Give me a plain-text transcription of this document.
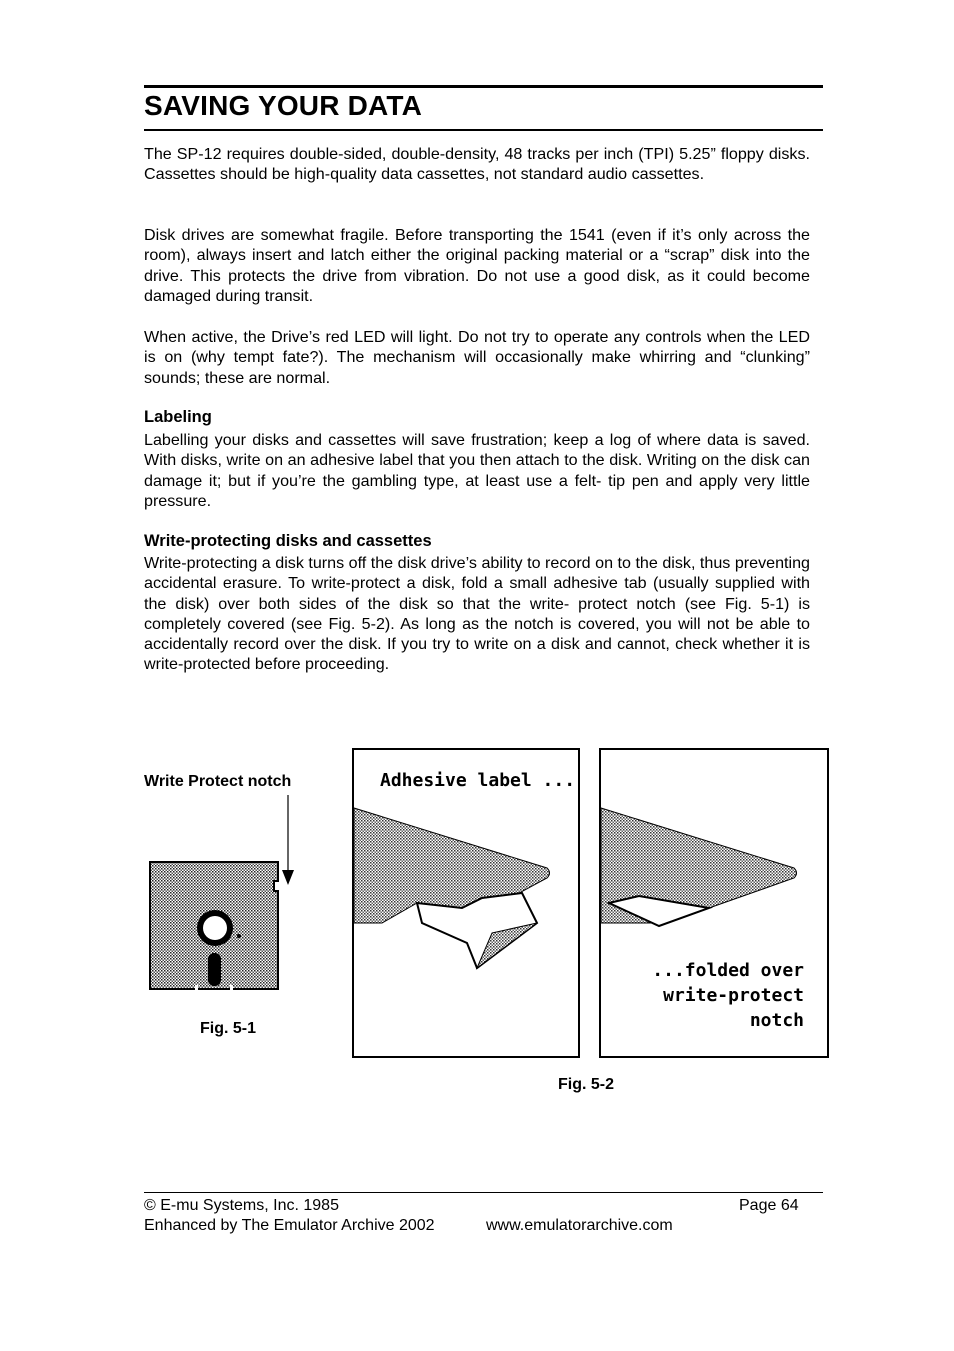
SAVING YOUR DATA

The SP-12 requires double-sided, double-density, 48 tracks per inch (TPI) 5.25” floppy disks. Cassettes should be high-quality data cassettes, not standard audio cassettes.

Disk drives are somewhat fragile. Before transporting the 1541 (even if it’s only across the room), always insert and latch either the original packing material or a “scrap” disk into the drive. This protects the drive from vibration. Do not use a good disk, as it could become damaged during transit.

When active, the Drive’s red LED will light. Do not try to operate any controls when the LED is on (why tempt fate?). The mechanism will occasionally make whirring and “clunking” sounds; these are normal.

Labeling

Labelling your disks and cassettes will save frustration; keep a log of where data is saved. With disks, write on an adhesive label that you then attach to the disk. Writing on the disk can damage it; but if you’re the gambling type, at least use a felt- tip pen and apply very little pressure.

Write-protecting disks and cassettes

Write-protecting a disk turns off the disk drive’s ability to record on to the disk, thus preventing accidental erasure. To write-protect a disk, fold a small adhesive tab (usually supplied with the disk) over both sides of the disk so that the write- protect notch (see Fig. 5-1) is completely covered (see Fig. 5-2). As long as the notch is covered, you will not be able to accidentally record over the disk. If you try to write on a disk and cannot, check whether it is write-protected before proceeding.

Write Protect notch
Fig. 5-1
Adhesive label ...
...folded over
write-protect
notch
Fig. 5-2
© E-mu Systems, Inc. 1985	Page 64
Enhanced by The Emulator Archive 2002	www.emulatorarchive.com
